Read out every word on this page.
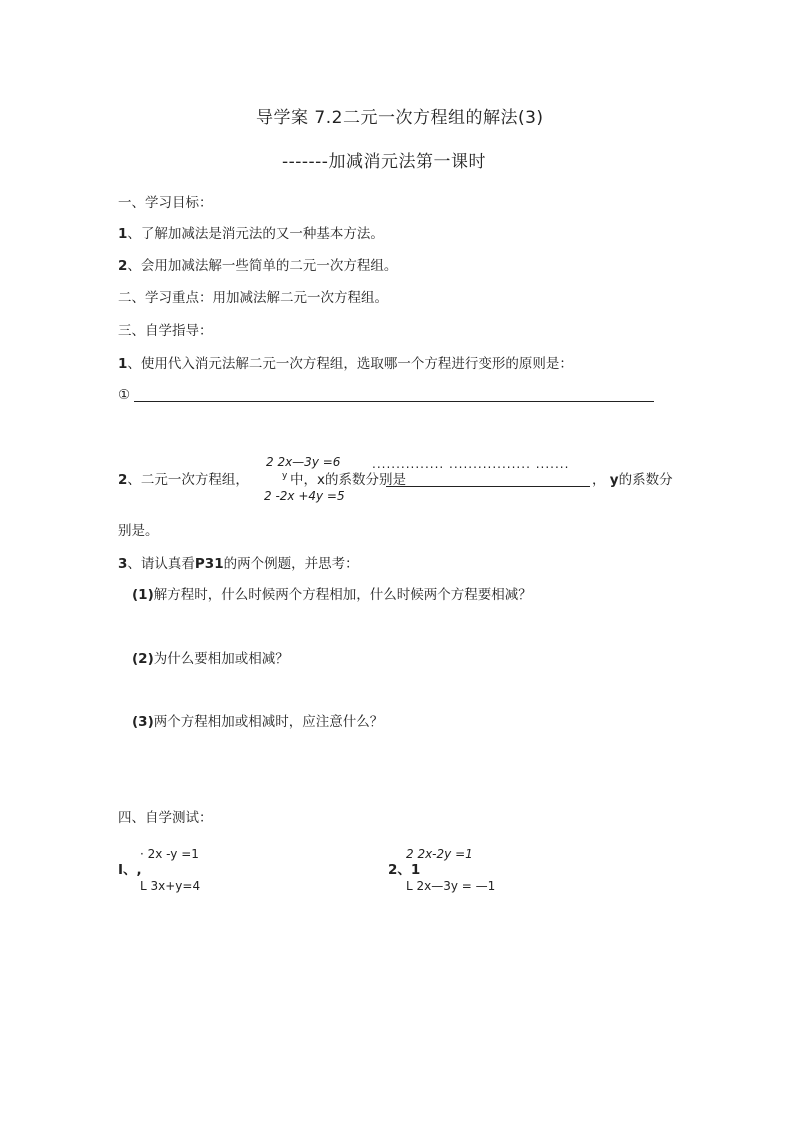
导学案 7.2二元一次方程组的解法(3)
-------加减消元法第一课时
一、学习目标：
1、了解加减法是消元法的又一种基本方法。
2、会用加减法解一些简单的二元一次方程组。
二、学习重点：用加减法解二元一次方程组。
三、自学指导：
1、使用代入消元法解二元一次方程组，选取哪一个方程进行变形的原则是：
①
2 2x—3y =6	............... ................. .......
2、二元一次方程组，	y 中，x的系数分别是	， y的系数分
2 -2x +4y =5
别是。
3、请认真看P31的两个例题，并思考：
(1)解方程时，什么时候两个方程相加，什么时候两个方程要相减？
(2)为什么要相加或相减？
(3)两个方程相加或相减时，应注意什么？
四、自学测试：
· 2x -y =1
I、,
L 3x+y=4
2 2x-2y =1
2、1
L 2x—3y = —1
